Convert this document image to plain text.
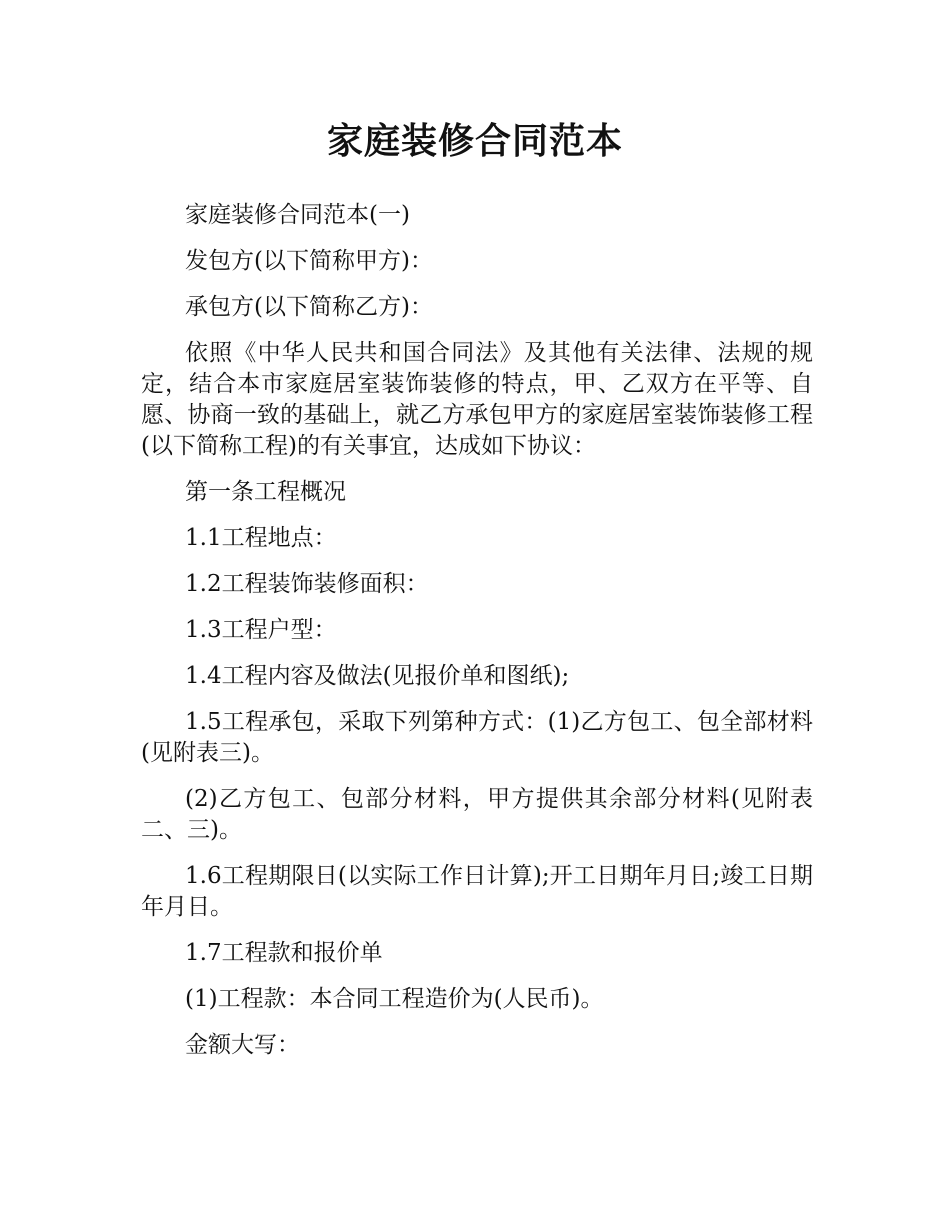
家庭装修合同范本

家庭装修合同范本(一)

发包方(以下简称甲方)：

承包方(以下简称乙方)：

依照《中华人民共和国合同法》及其他有关法律、法规的规定，结合本市家庭居室装饰装修的特点，甲、乙双方在平等、自愿、协商一致的基础上，就乙方承包甲方的家庭居室装饰装修工程(以下简称工程)的有关事宜，达成如下协议：

第一条工程概况

1.1工程地点：

1.2工程装饰装修面积：

1.3工程户型：

1.4工程内容及做法(见报价单和图纸);

1.5工程承包，采取下列第种方式：(1)乙方包工、包全部材料(见附表三)。

(2)乙方包工、包部分材料，甲方提供其余部分材料(见附表二、三)。

1.6工程期限日(以实际工作日计算);开工日期年月日;竣工日期年月日。

1.7工程款和报价单

(1)工程款：本合同工程造价为(人民币)。

金额大写：
